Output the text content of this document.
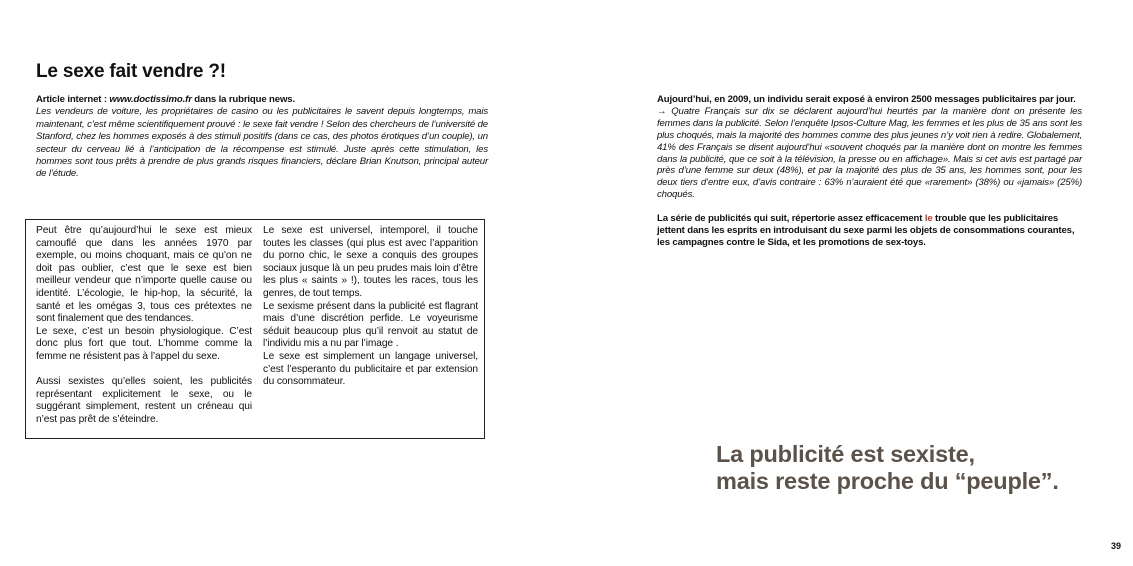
Le sexe fait vendre ?!
Article internet : www.doctissimo.fr dans la rubrique news.
Les vendeurs de voiture, les propriétaires de casino ou les publicitaires le savent depuis longtemps, mais maintenant, c’est même scientifiquement prouvé : le sexe fait vendre ! Selon des chercheurs de l’université de Stanford, chez les hommes exposés à des stimuli positifs (dans ce cas, des photos érotiques d’un couple), un secteur du cerveau lié à l’anticipation de la récompense est stimulé. Juste après cette stimulation, les hommes sont tous prêts à prendre de plus grands risques financiers, déclare Brian Knutson, principal auteur de l’étude.

Peut être qu’aujourd’hui le sexe est mieux camouflé que dans les années 1970 par exemple, ou moins choquant, mais ce qu’on ne doit pas oublier, c’est que le sexe est bien meilleur vendeur que n’importe quelle cause ou identité. L’écologie, le hip-hop, la sécurité, la santé et les omégas 3, tous ces prétextes ne sont finalement que des tendances.

Le sexe, c’est un besoin physiologique. C’est donc plus fort que tout. L’homme comme la femme ne résistent pas à l’appel du sexe.

Aussi sexistes qu’elles soient, les publicités représentant explicitement le sexe, ou le suggérant simplement, restent un créneau qui n’est pas prêt de s’éteindre.

Le sexe est universel, intemporel, il touche toutes les classes (qui plus est avec l’apparition du porno chic, le sexe a conquis des groupes sociaux jusque là un peu prudes mais loin d’être les plus « saints » !), toutes les races, tous les genres, de tout temps.

Le sexisme présent dans la publicité est flagrant mais d’une discrétion perfide. Le voyeurisme séduit beaucoup plus qu’il renvoit au statut de l’individu mis a nu par l’image .

Le sexe est simplement un langage universel, c’est l’esperanto du publicitaire et par extension du consommateur.

Aujourd’hui, en 2009, un individu serait exposé à environ 2500 messages publicitaires par jour.

→ Quatre Français sur dix se déclarent aujourd’hui heurtés par la manière dont on présente les femmes dans la publicité. Selon l’enquête Ipsos-Culture Mag, les femmes et les plus de 35 ans sont les plus choqués, mais la majorité des hommes comme des plus jeunes n’y voit rien à redire. Globalement, 41% des Français se disent aujourd’hui «souvent choqués par la manière dont on montre les femmes dans la publicité, que ce soit à la télévision, la presse ou en affichage». Mais si cet avis est partagé par près d’une femme sur deux (48%), et par la majorité des plus de 35 ans, les hommes sont, pour les deux tiers d’entre eux, d’avis contraire : 63% n’auraient été que «rarement» (38%) ou «jamais» (25%) choqués.

La série de publicités qui suit, répertorie assez efficacement le trouble que les publicitaires jettent dans les esprits en introduisant du sexe parmi les objets de consommations courantes, les campagnes contre le Sida, et les promotions de sex-toys.

La publicité est sexiste,
mais reste proche du “peuple”.
39
